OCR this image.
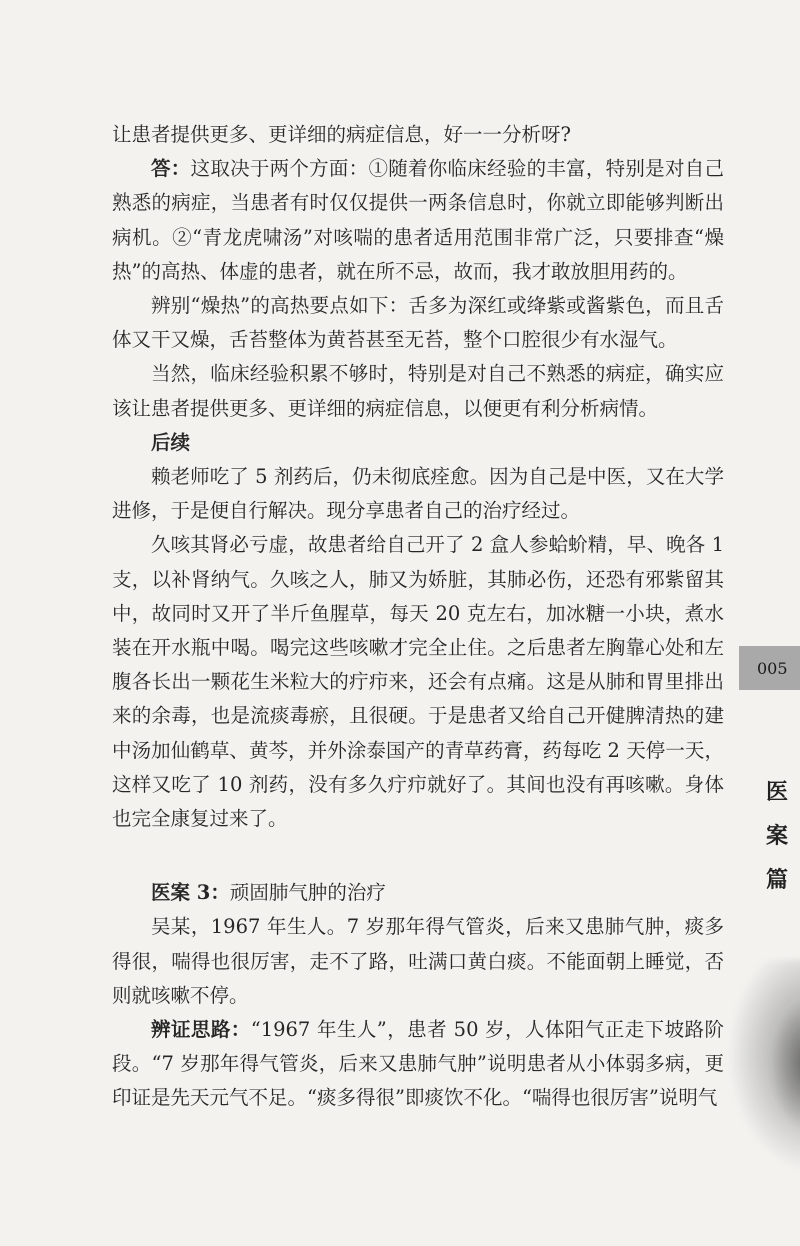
让患者提供更多、更详细的病症信息，好一一分析呀?

答：这取决于两个方面：①随着你临床经验的丰富，特别是对自己熟悉的病症，当患者有时仅仅提供一两条信息时，你就立即能够判断出病机。②“青龙虎啸汤”对咳喘的患者适用范围非常广泛，只要排查“燥热”的高热、体虚的患者，就在所不忌，故而，我才敢放胆用药的。

辨别“燥热”的高热要点如下：舌多为深红或绛紫或酱紫色，而且舌体又干又燥，舌苔整体为黄苔甚至无苔，整个口腔很少有水湿气。

当然，临床经验积累不够时，特别是对自己不熟悉的病症，确实应该让患者提供更多、更详细的病症信息，以便更有利分析病情。

后续

赖老师吃了 5 剂药后，仍未彻底痊愈。因为自己是中医，又在大学进修，于是便自行解决。现分享患者自己的治疗经过。

久咳其肾必亏虚，故患者给自己开了 2 盒人参蛤蚧精，早、晚各 1 支，以补肾纳气。久咳之人，肺又为娇脏，其肺必伤，还恐有邪紫留其中，故同时又开了半斤鱼腥草，每天 20 克左右，加冰糖一小块，煮水装在开水瓶中喝。喝完这些咳嗽才完全止住。之后患者左胸靠心处和左腹各长出一颗花生米粒大的疔疖来，还会有点痛。这是从肺和胃里排出来的余毒，也是流痰毒瘀，且很硬。于是患者又给自己开健脾清热的建中汤加仙鹤草、黄芩，并外涂泰国产的青草药膏，药每吃 2 天停一天，这样又吃了 10 剂药，没有多久疔疖就好了。其间也没有再咳嗽。身体也完全康复过来了。

医案 3：顽固肺气肿的治疗

吴某，1967 年生人。7 岁那年得气管炎，后来又患肺气肿，痰多得很，喘得也很厉害，走不了路，吐满口黄白痰。不能面朝上睡觉，否则就咳嗽不停。

辨证思路：“1967 年生人”，患者 50 岁，人体阳气正走下坡路阶段。“7 岁那年得气管炎，后来又患肺气肿”说明患者从小体弱多病，更印证是先天元气不足。“痰多得很”即痰饮不化。“喘得也很厉害”说明气

005
医案篇
